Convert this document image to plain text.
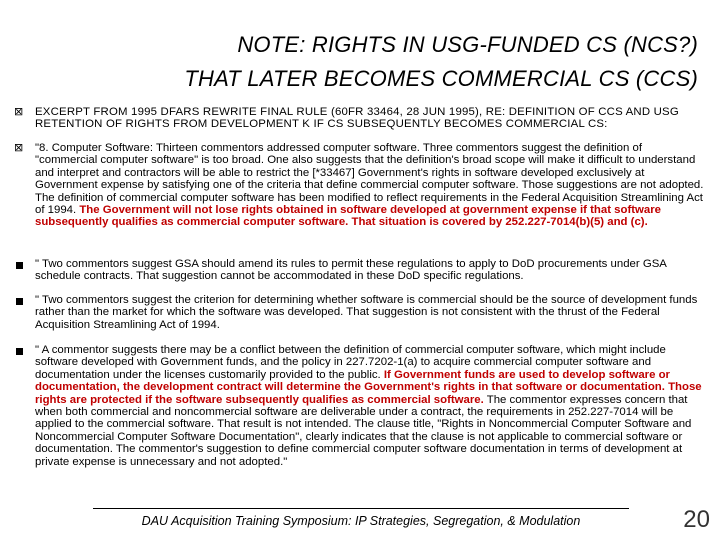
NOTE: RIGHTS IN USG-FUNDED CS (NCS?)
THAT LATER BECOMES COMMERCIAL CS (CCS)
⊠ EXCERPT FROM 1995 DFARS REWRITE FINAL RULE (60FR 33464, 28 JUN 1995), RE: DEFINITION OF CCS AND USG RETENTION OF RIGHTS FROM DEVELOPMENT K IF CS SUBSEQUENTLY BECOMES COMMERCIAL CS:
⊠ "8. Computer Software: Thirteen commentors addressed computer software. Three commentors suggest the definition of "commercial computer software" is too broad. One also suggests that the definition's broad scope will make it difficult to understand and interpret and contractors will be able to restrict the [*33467] Government's rights in software developed exclusively at Government expense by satisfying one of the criteria that define commercial computer software. Those suggestions are not adopted. The definition of commercial computer software has been modified to reflect requirements in the Federal Acquisition Streamlining Act of 1994. The Government will not lose rights obtained in software developed at government expense if that software subsequently qualifies as commercial computer software. That situation is covered by 252.227-7014(b)(5) and (c).
" Two commentors suggest GSA should amend its rules to permit these regulations to apply to DoD procurements under GSA schedule contracts. That suggestion cannot be accommodated in these DoD specific regulations.
" Two commentors suggest the criterion for determining whether software is commercial should be the source of development funds rather than the market for which the software was developed. That suggestion is not consistent with the thrust of the Federal Acquisition Streamlining Act of 1994.
" A commentor suggests there may be a conflict between the definition of commercial computer software, which might include software developed with Government funds, and the policy in 227.7202-1(a) to acquire commercial computer software and documentation under the licenses customarily provided to the public. If Government funds are used to develop software or documentation, the development contract will determine the Government's rights in that software or documentation. Those rights are protected if the software subsequently qualifies as commercial software. The commentor expresses concern that when both commercial and noncommercial software are deliverable under a contract, the requirements in 252.227-7014 will be applied to the commercial software. That result is not intended. The clause title, "Rights in Noncommercial Computer Software and Noncommercial Computer Software Documentation", clearly indicates that the clause is not applicable to commercial software or documentation. The commentor's suggestion to define commercial computer software documentation in terms of development at private expense is unnecessary and not adopted."
DAU Acquisition Training Symposium: IP Strategies, Segregation, & Modulation	20
